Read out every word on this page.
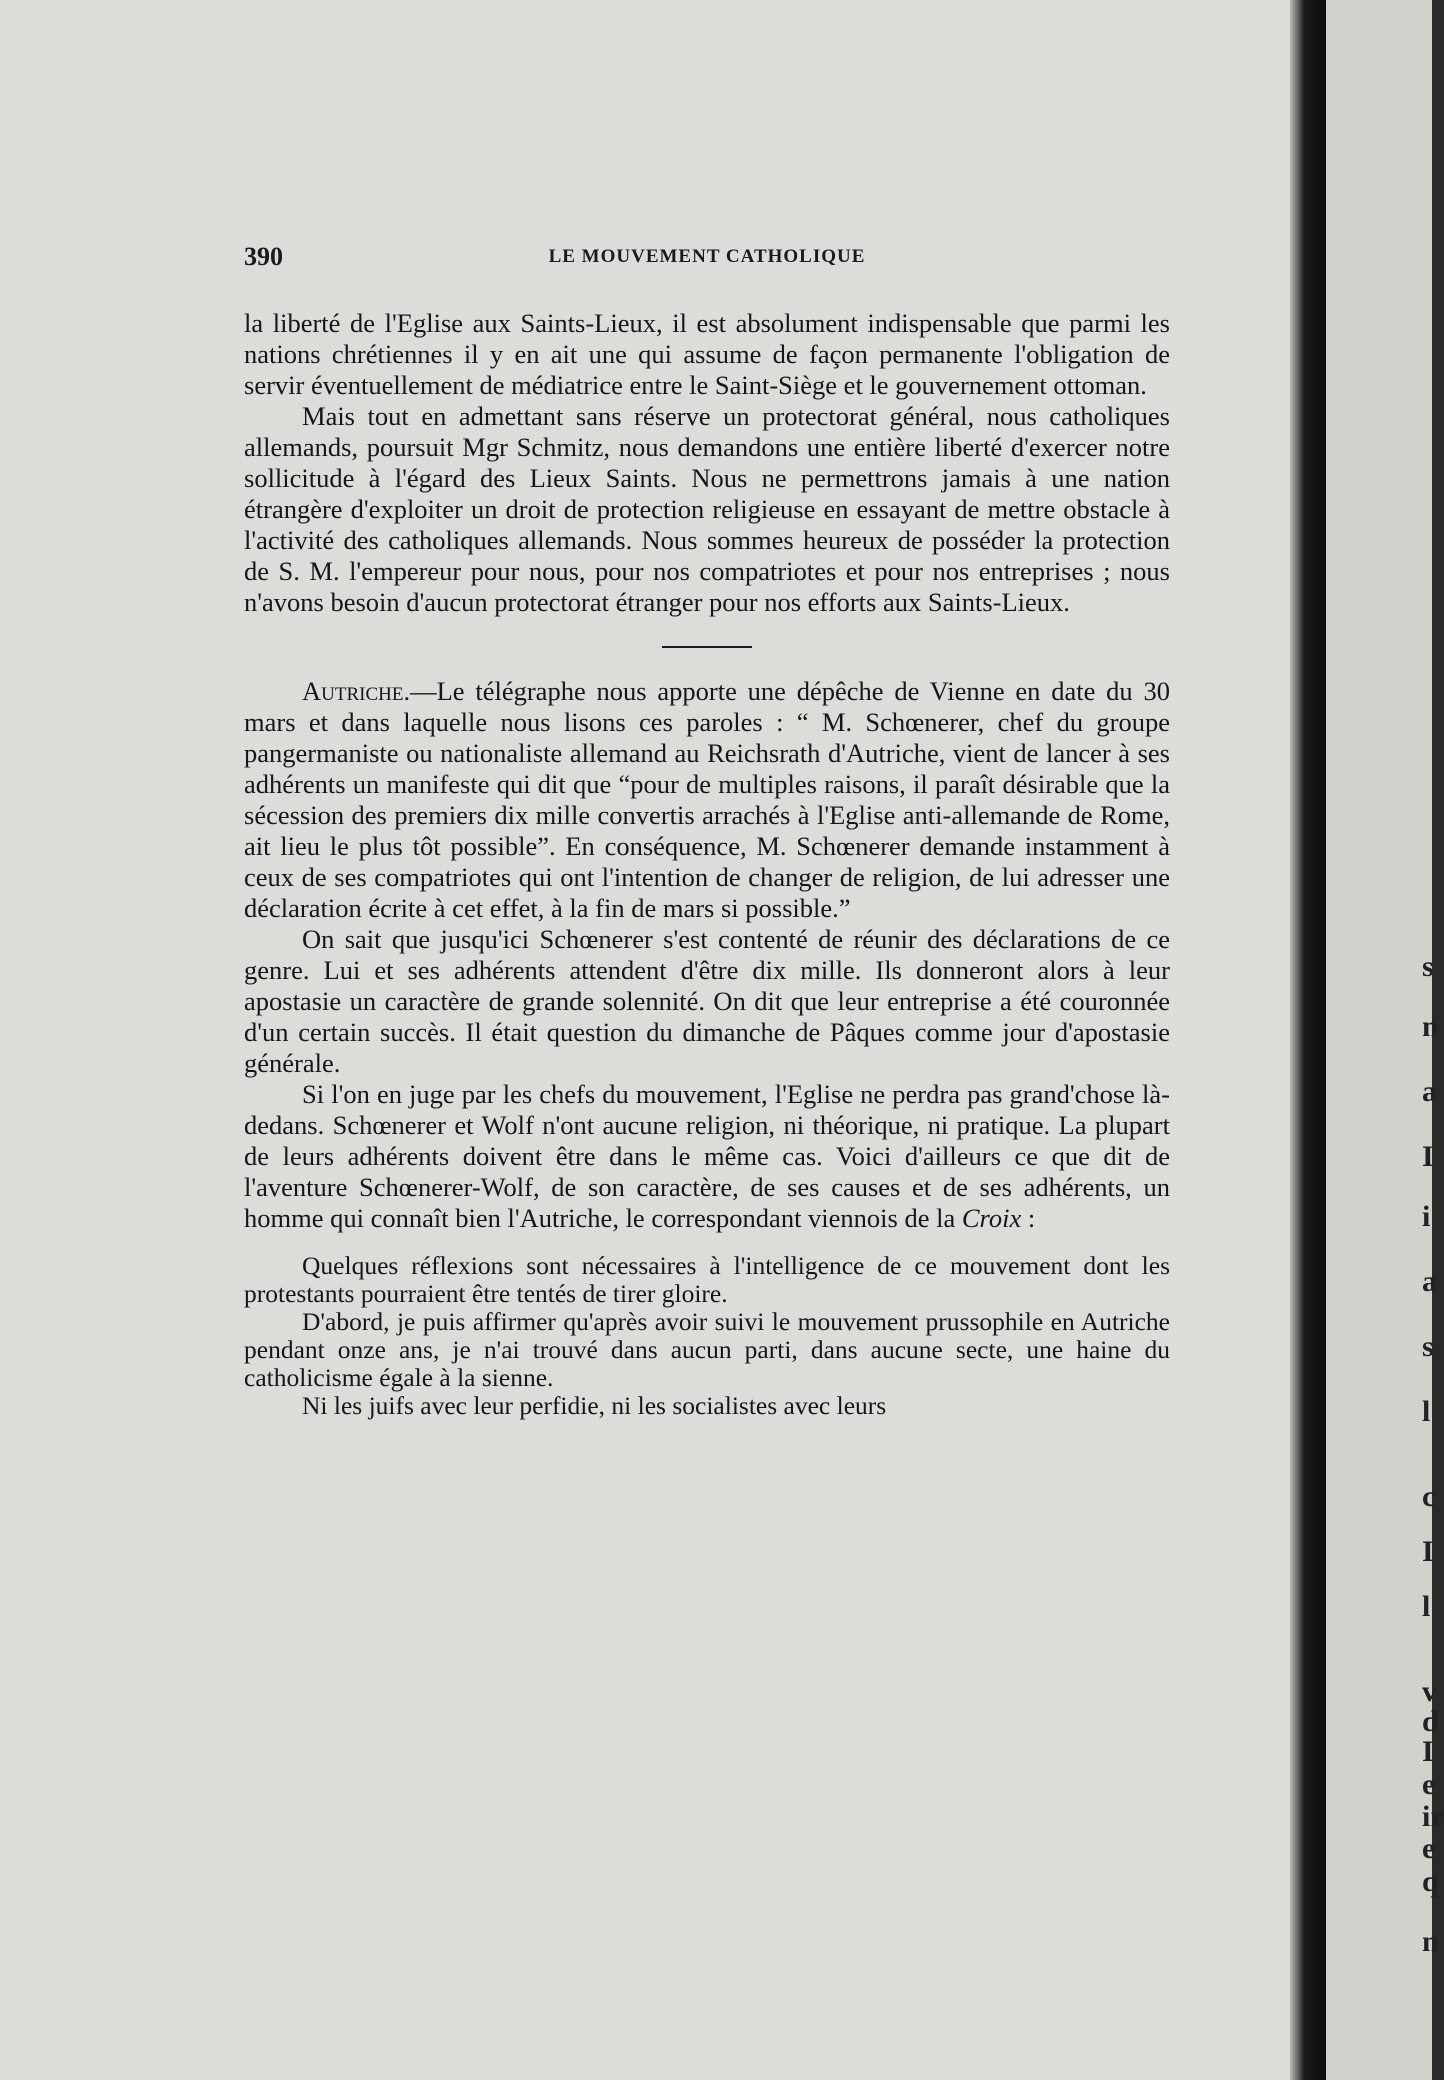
390	LE MOUVEMENT CATHOLIQUE

la liberté de l'Eglise aux Saints-Lieux, il est absolument indispensable que parmi les nations chrétiennes il y en ait une qui assume de façon permanente l'obligation de servir éventuellement de médiatrice entre le Saint-Siège et le gouvernement ottoman.

Mais tout en admettant sans réserve un protectorat général, nous catholiques allemands, poursuit Mgr Schmitz, nous demandons une entière liberté d'exercer notre sollicitude à l'égard des Lieux Saints. Nous ne permettrons jamais à une nation étrangère d'exploiter un droit de protection religieuse en essayant de mettre obstacle à l'activité des catholiques allemands. Nous sommes heureux de posséder la protection de S. M. l'empereur pour nous, pour nos compatriotes et pour nos entreprises ; nous n'avons besoin d'aucun protectorat étranger pour nos efforts aux Saints-Lieux.

Autriche.—Le télégraphe nous apporte une dépêche de Vienne en date du 30 mars et dans laquelle nous lisons ces paroles : “ M. Schœnerer, chef du groupe pangermaniste ou nationaliste allemand au Reichsrath d'Autriche, vient de lancer à ses adhérents un manifeste qui dit que “pour de multiples raisons, il paraît désirable que la sécession des premiers dix mille convertis arrachés à l'Eglise anti-allemande de Rome, ait lieu le plus tôt possible”. En conséquence, M. Schœnerer demande instamment à ceux de ses compatriotes qui ont l'intention de changer de religion, de lui adresser une déclaration écrite à cet effet, à la fin de mars si possible.”

On sait que jusqu'ici Schœnerer s'est contenté de réunir des déclarations de ce genre. Lui et ses adhérents attendent d'être dix mille. Ils donneront alors à leur apostasie un caractère de grande solennité. On dit que leur entreprise a été couronnée d'un certain succès. Il était question du dimanche de Pâques comme jour d'apostasie générale.

Si l'on en juge par les chefs du mouvement, l'Eglise ne perdra pas grand'chose là-dedans. Schœnerer et Wolf n'ont aucune religion, ni théorique, ni pratique. La plupart de leurs adhérents doivent être dans le même cas. Voici d'ailleurs ce que dit de l'aventure Schœnerer-Wolf, de son caractère, de ses causes et de ses adhérents, un homme qui connaît bien l'Autriche, le correspondant viennois de la Croix :

Quelques réflexions sont nécessaires à l'intelligence de ce mouvement dont les protestants pourraient être tentés de tirer gloire.

D'abord, je puis affirmer qu'après avoir suivi le mouvement prussophile en Autriche pendant onze ans, je n'ai trouvé dans aucun parti, dans aucune secte, une haine du catholicisme égale à la sienne.

Ni les juifs avec leur perfidie, ni les socialistes avec leurs

s
n
a
I
i
a
s
l
c
I
l
v
d
I
e
ir
e
q
n
